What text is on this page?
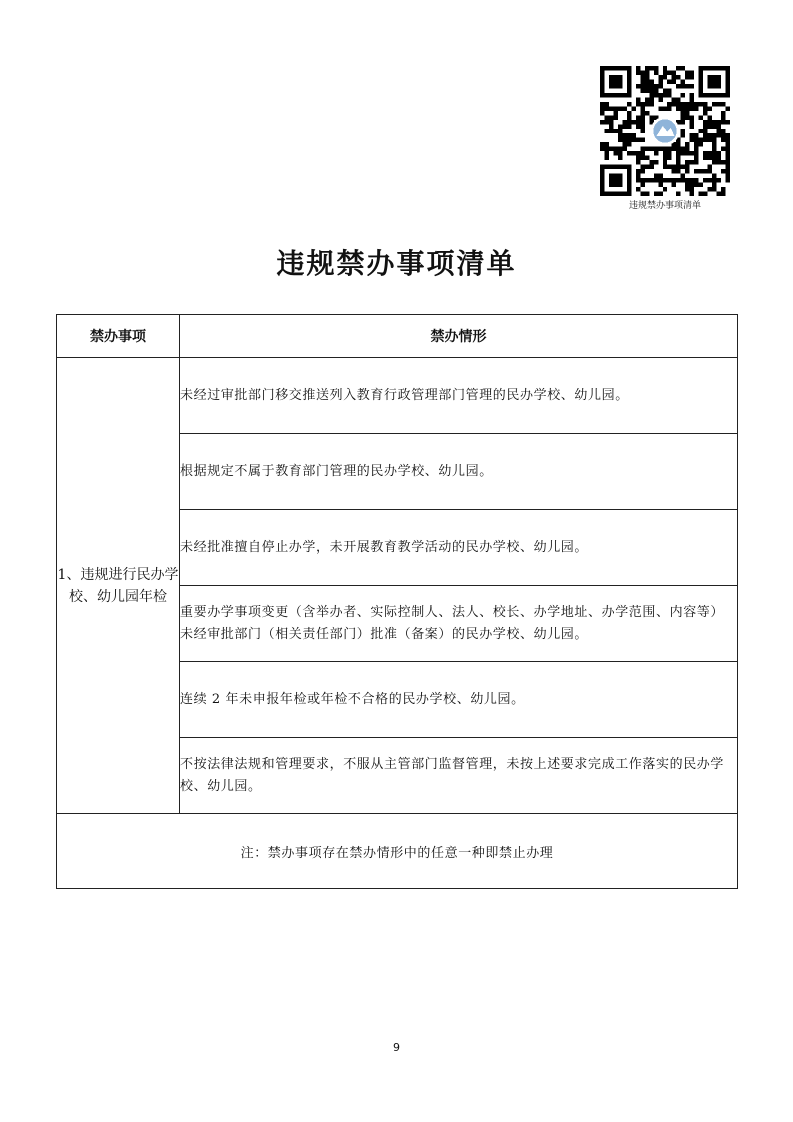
违规禁办事项清单
违规禁办事项清单
禁办事项	禁办情形
1、违规进行民办学校、幼儿园年检	未经过审批部门移交推送列入教育行政管理部门管理的民办学校、幼儿园。
	根据规定不属于教育部门管理的民办学校、幼儿园。
	未经批准擅自停止办学，未开展教育教学活动的民办学校、幼儿园。
	重要办学事项变更（含举办者、实际控制人、法人、校长、办学地址、办学范围、内容等）未经审批部门（相关责任部门）批准（备案）的民办学校、幼儿园。
	连续 2 年未申报年检或年检不合格的民办学校、幼儿园。
	不按法律法规和管理要求，不服从主管部门监督管理，未按上述要求完成工作落实的民办学校、幼儿园。
注：禁办事项存在禁办情形中的任意一种即禁止办理	
9
